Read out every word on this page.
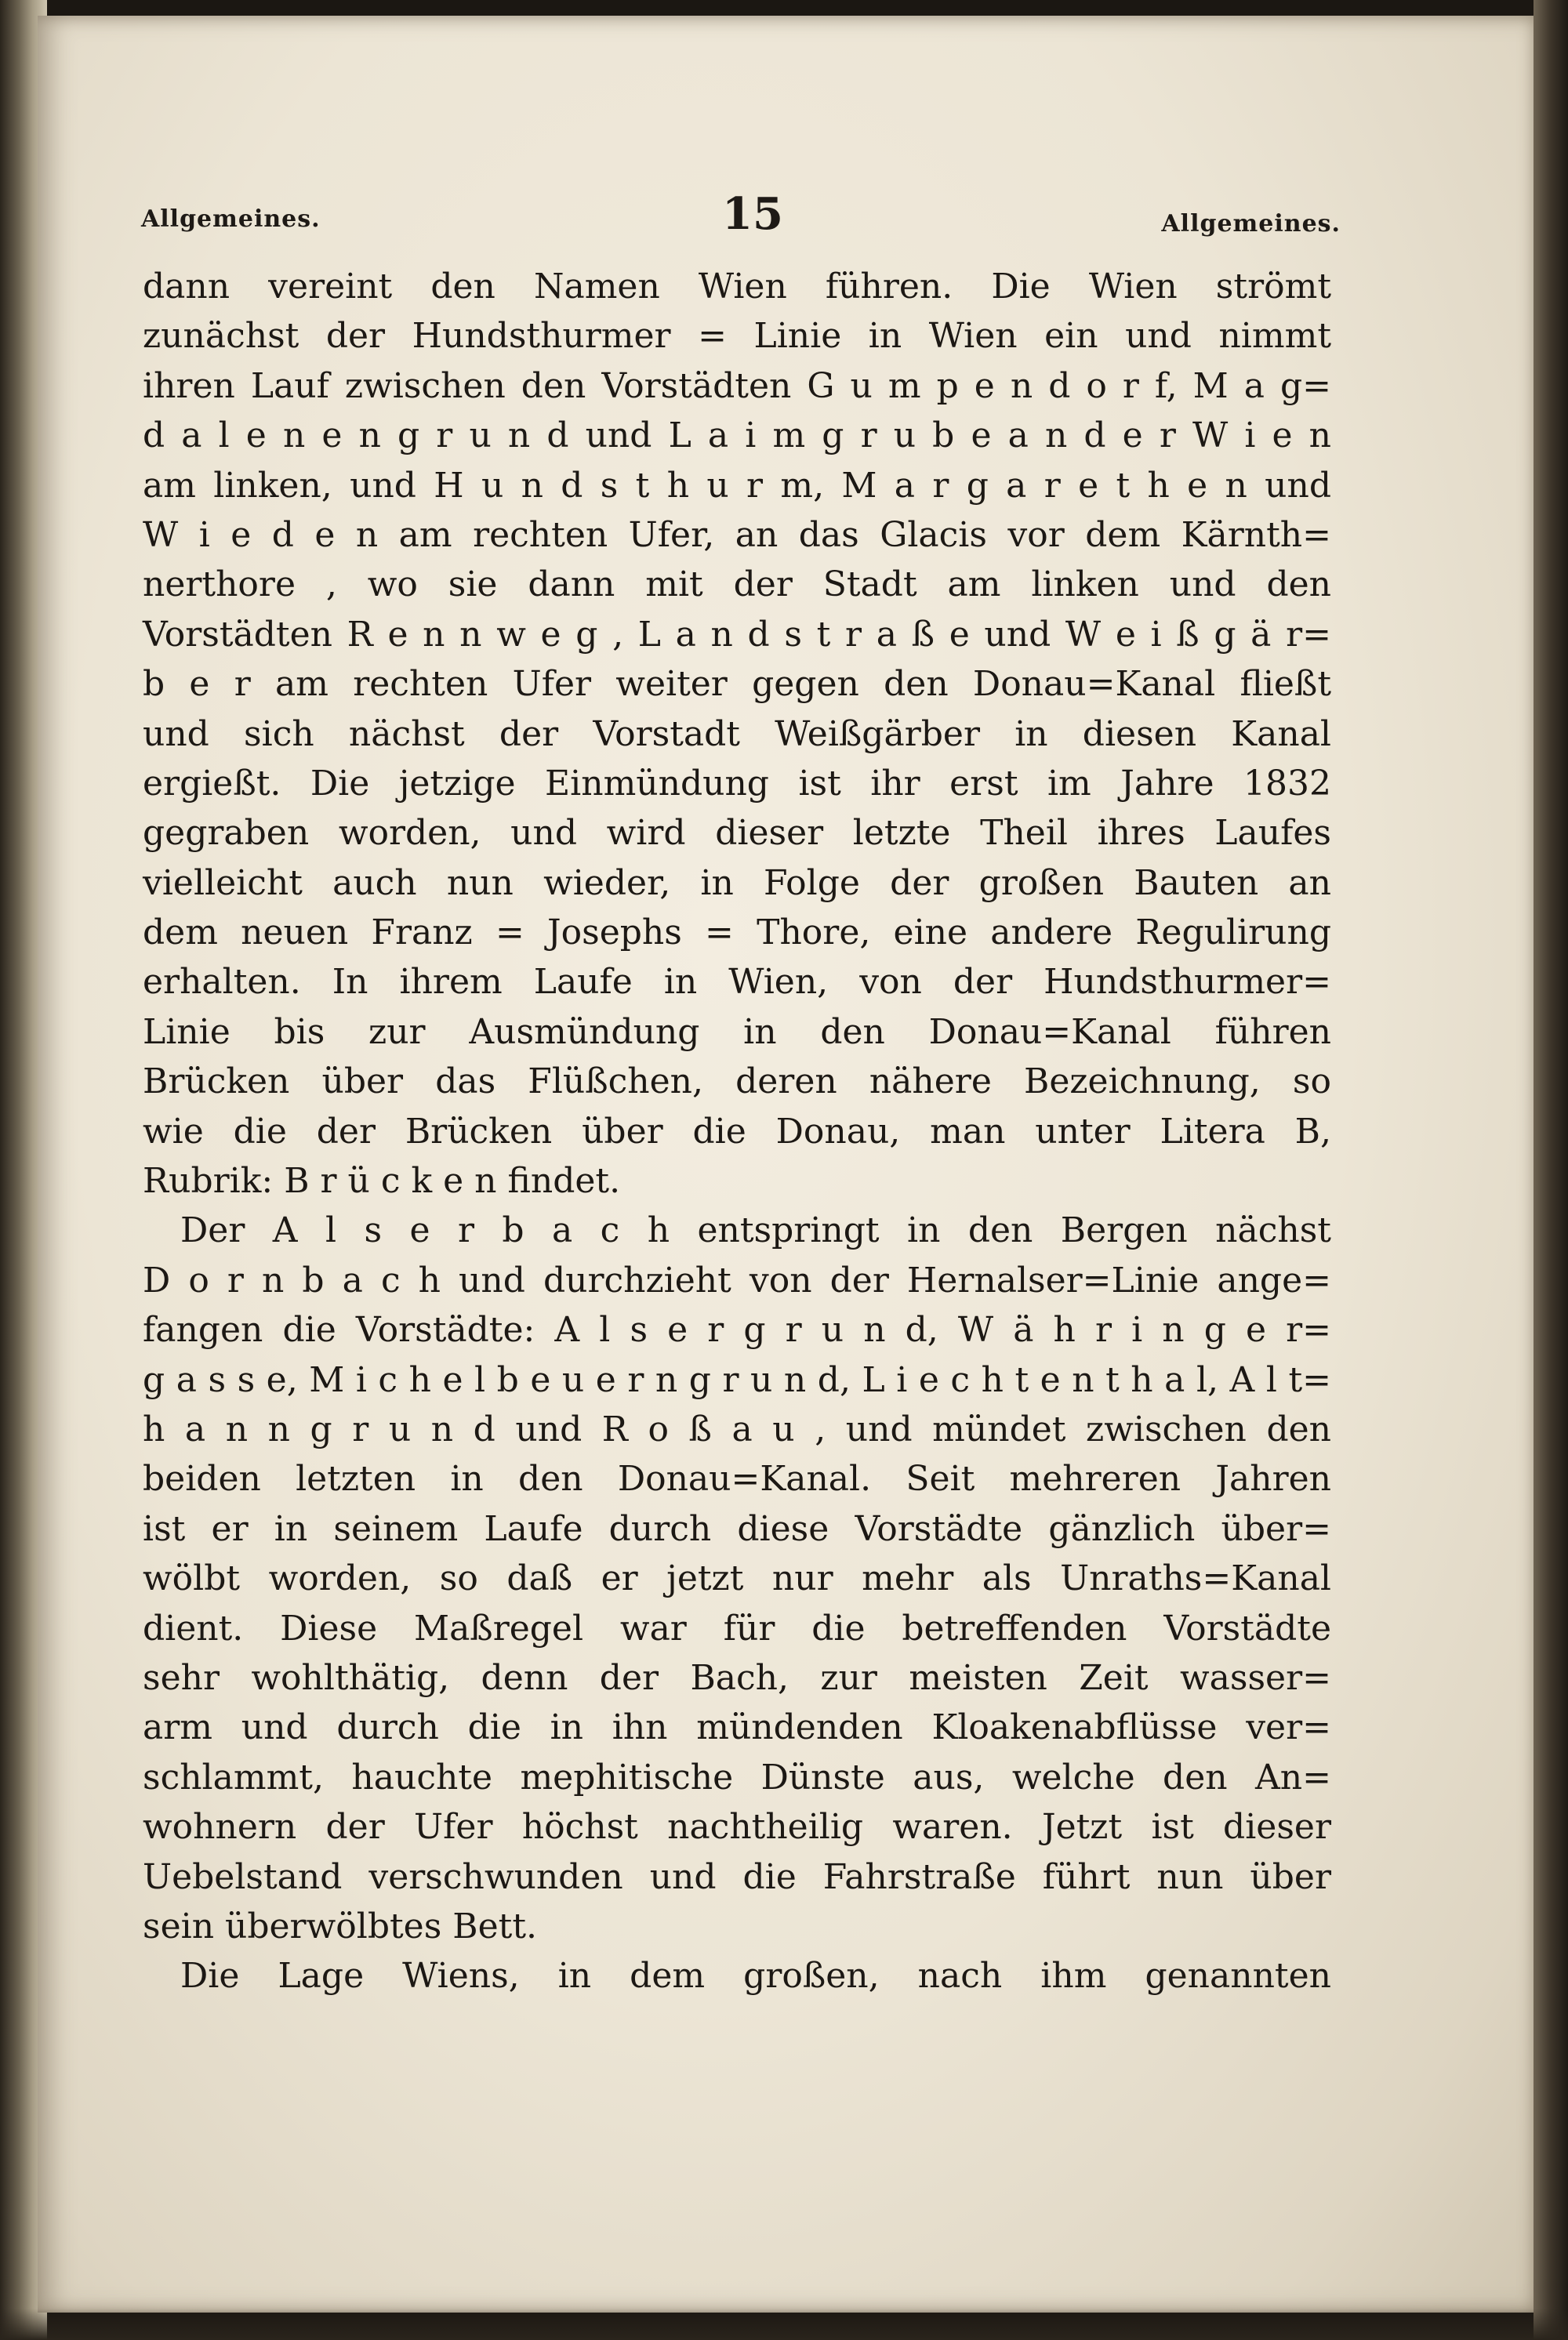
Allgemeines.	15	Allgemeines.
dann vereint den Namen Wien führen. Die Wien strömt
zunächst der Hundsthurmer = Linie in Wien ein und nimmt
ihren Lauf zwischen den Vorstädten G u m p e n d o r f, M a g=
d a l e n e n g r u n d und L a i m g r u b e a n d e r W i e n
am linken, und H u n d s t h u r m, M a r g a r e t h e n und
W i e d e n am rechten Ufer, an das Glacis vor dem Kärnth=
nerthore , wo sie dann mit der Stadt am linken und den
Vorstädten R e n n w e g , L a n d s t r a ß e und W e i ß g ä r=
b e r am rechten Ufer weiter gegen den Donau=Kanal fließt
und sich nächst der Vorstadt Weißgärber in diesen Kanal
ergießt. Die jetzige Einmündung ist ihr erst im Jahre 1832
gegraben worden, und wird dieser letzte Theil ihres Laufes
vielleicht auch nun wieder, in Folge der großen Bauten an
dem neuen Franz = Josephs = Thore, eine andere Regulirung
erhalten. In ihrem Laufe in Wien, von der Hundsthurmer=
Linie bis zur Ausmündung in den Donau=Kanal führen
Brücken über das Flüßchen, deren nähere Bezeichnung, so
wie die der Brücken über die Donau, man unter Litera B,
Rubrik: B r ü c k e n findet.
Der A l s e r b a c h entspringt in den Bergen nächst
D o r n b a c h und durchzieht von der Hernalser=Linie ange=
fangen die Vorstädte: A l s e r g r u n d, W ä h r i n g e r=
g a s s e, M i c h e l b e u e r n g r u n d, L i e c h t e n t h a l, A l t=
h a n n g r u n d und R o ß a u , und mündet zwischen den
beiden letzten in den Donau=Kanal. Seit mehreren Jahren
ist er in seinem Laufe durch diese Vorstädte gänzlich über=
wölbt worden, so daß er jetzt nur mehr als Unraths=Kanal
dient. Diese Maßregel war für die betreffenden Vorstädte
sehr wohlthätig, denn der Bach, zur meisten Zeit wasser=
arm und durch die in ihn mündenden Kloakenabflüsse ver=
schlammt, hauchte mephitische Dünste aus, welche den An=
wohnern der Ufer höchst nachtheilig waren. Jetzt ist dieser
Uebelstand verschwunden und die Fahrstraße führt nun über
sein überwölbtes Bett.
Die Lage Wiens, in dem großen, nach ihm genannten
